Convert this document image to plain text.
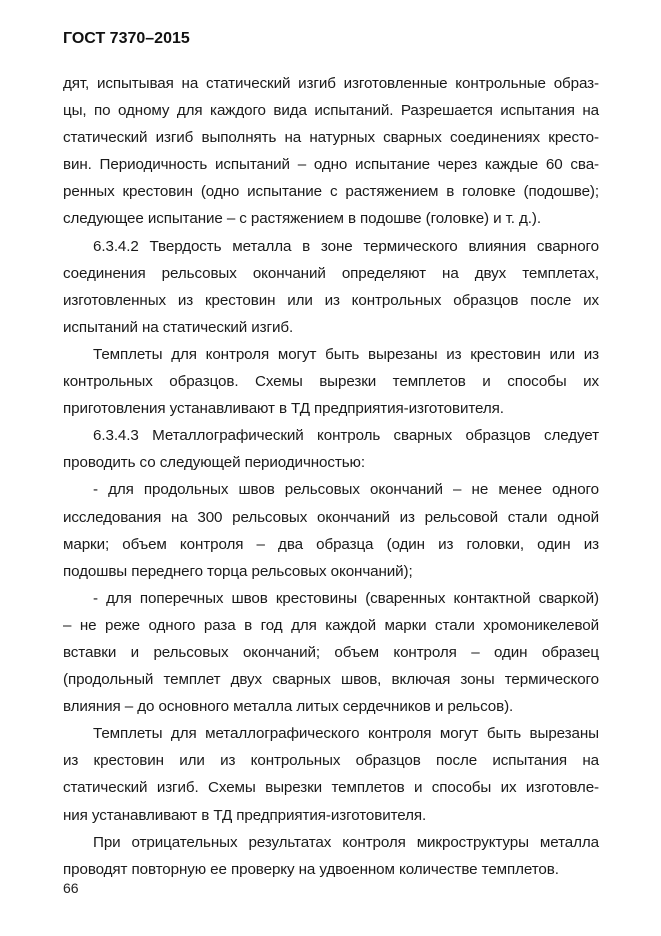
ГОСТ 7370–2015
дят, испытывая на статический изгиб изготовленные контрольные образ-
цы, по одному для каждого вида испытаний. Разрешается испытания на
статический изгиб выполнять на натурных сварных соединениях кресто-
вин. Периодичность испытаний – одно испытание через каждые 60 сва-
ренных крестовин (одно испытание с растяжением в головке (подошве);
следующее испытание – с растяжением в подошве (головке) и т. д.).
6.3.4.2 Твердость металла в зоне термического влияния сварного
соединения рельсовых окончаний определяют на двух темплетах,
изготовленных из крестовин или из контрольных образцов после их
испытаний на статический изгиб.
Темплеты для контроля могут быть вырезаны из крестовин или из
контрольных образцов. Схемы вырезки темплетов и способы их
приготовления устанавливают в ТД предприятия-изготовителя.
6.3.4.3 Металлографический контроль сварных образцов следует
проводить со следующей периодичностью:
- для продольных швов рельсовых окончаний – не менее одного
исследования на 300 рельсовых окончаний из рельсовой стали одной
марки; объем контроля – два образца (один из головки, один из
подошвы переднего торца рельсовых окончаний);
- для поперечных швов крестовины (сваренных контактной сваркой)
– не реже одного раза в год для каждой марки стали хромоникелевой
вставки и рельсовых окончаний; объем контроля – один образец
(продольный темплет двух сварных швов, включая зоны термического
влияния – до основного металла литых сердечников и рельсов).
Темплеты для металлографического контроля могут быть вырезаны
из крестовин или из контрольных образцов после испытания на
статический изгиб. Схемы вырезки темплетов и способы их изготовле-
ния устанавливают в ТД предприятия-изготовителя.
При отрицательных результатах контроля микроструктуры металла
проводят повторную ее проверку на удвоенном количестве темплетов.
66
